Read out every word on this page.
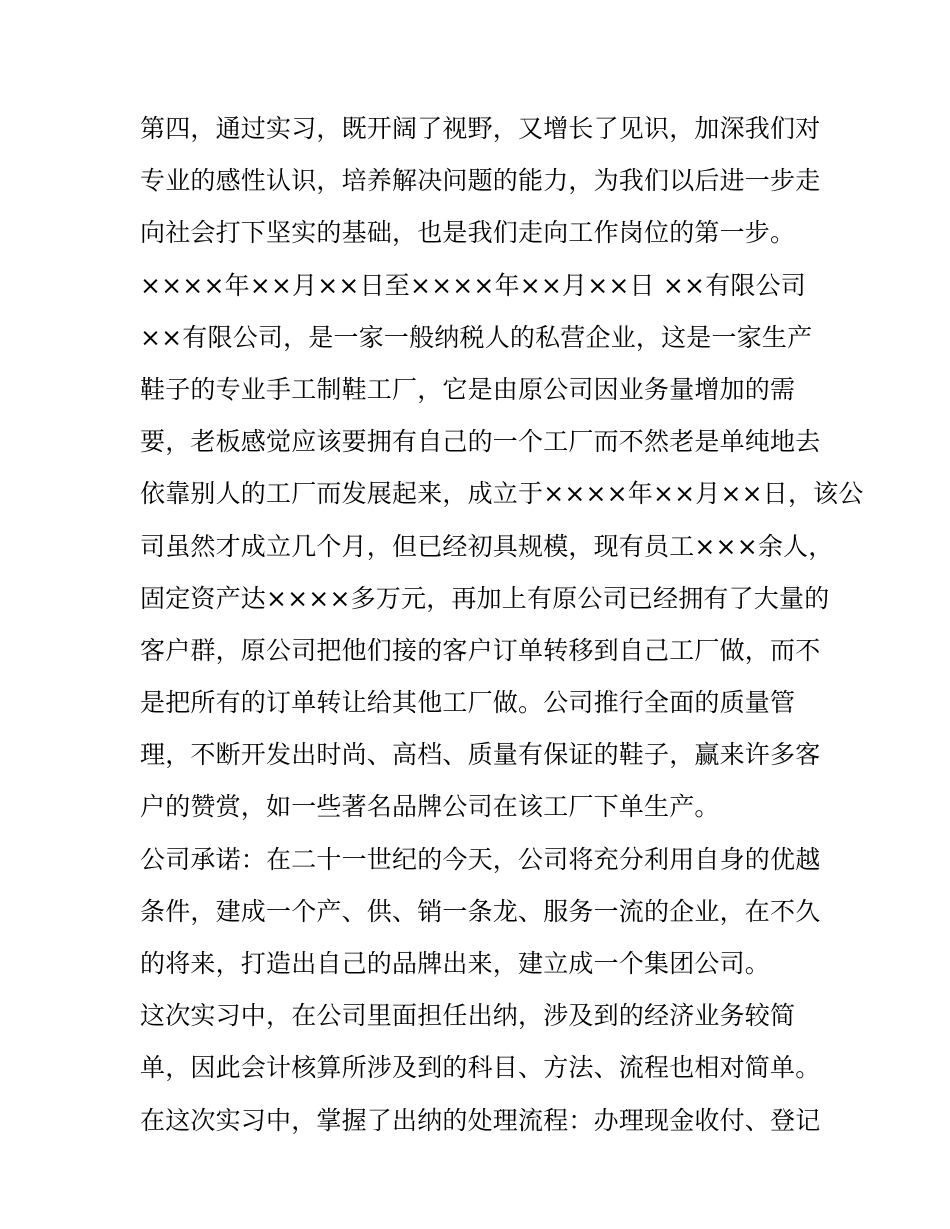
第四，通过实习，既开阔了视野，又增长了见识，加深我们对
专业的感性认识，培养解决问题的能力，为我们以后进一步走
向社会打下坚实的基础，也是我们走向工作岗位的第一步。
××××年××月××日至××××年××月××日 ××有限公司
××有限公司，是一家一般纳税人的私营企业，这是一家生产
鞋子的专业手工制鞋工厂，它是由原公司因业务量增加的需
要，老板感觉应该要拥有自己的一个工厂而不然老是单纯地去
依靠别人的工厂而发展起来，成立于××××年××月××日，该公
司虽然才成立几个月，但已经初具规模，现有员工×××余人，
固定资产达××××多万元，再加上有原公司已经拥有了大量的
客户群，原公司把他们接的客户订单转移到自己工厂做，而不
是把所有的订单转让给其他工厂做。公司推行全面的质量管
理，不断开发出时尚、高档、质量有保证的鞋子，赢来许多客
户的赞赏，如一些著名品牌公司在该工厂下单生产。
公司承诺：在二十一世纪的今天，公司将充分利用自身的优越
条件，建成一个产、供、销一条龙、服务一流的企业，在不久
的将来，打造出自己的品牌出来，建立成一个集团公司。
这次实习中，在公司里面担任出纳，涉及到的经济业务较简
单，因此会计核算所涉及到的科目、方法、流程也相对简单。
在这次实习中，掌握了出纳的处理流程：办理现金收付、登记
